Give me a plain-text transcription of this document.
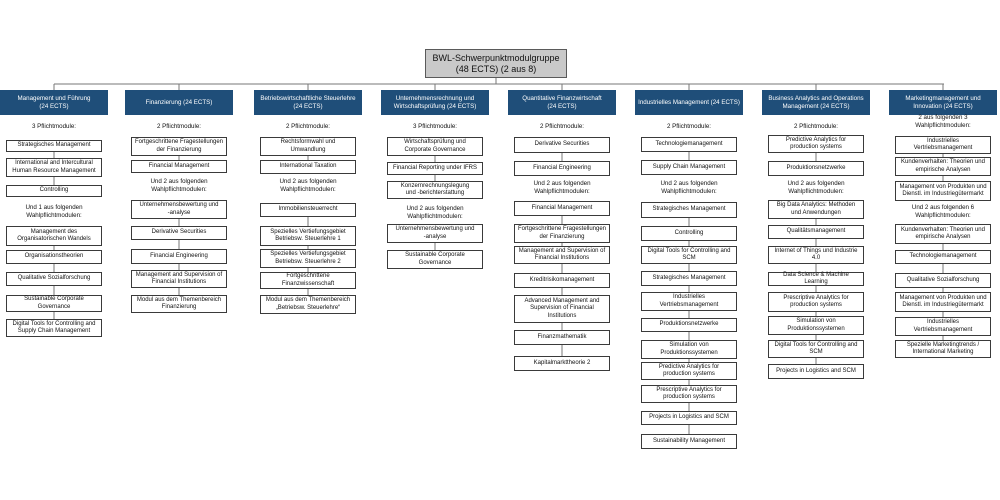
BWL-Schwerpunktmodulgruppe
(48 ECTS) (2 aus 8)
Management und Führung
(24 ECTS)
3 Pflichtmodule:
Strategisches Management
International and Intercultural
Human Resource Management
Controlling
Und 1 aus folgenden
Wahlpflichtmodulen:
Management des
Organisatorischen Wandels
Organisationstheorien
Qualitative Sozialforschung
Sustainable Corporate
Governance
Digital Tools for Controlling and
Supply Chain Management
Finanzierung (24 ECTS)
2 Pflichtmodule:
Fortgeschrittene Fragestellungen
der Finanzierung
Financial Management
Und 2 aus folgenden
Wahlpflichtmodulen:
Unternehmensbewertung und
-analyse
Derivative Securities
Financial Engineering
Management and Supervision of
Financial Institutions
Modul aus dem Themenbereich
Finanzierung
Betriebswirtschaftliche Steuerlehre
(24 ECTS)
2 Pflichtmodule:
Rechtsformwahl und
Umwandlung
International Taxation
Und 2 aus folgenden
Wahlpflichtmodulen:
Immobiliensteuerrecht
Spezielles Vertiefungsgebiet
Betriebsw. Steuerlehre 1
Spezielles Vertiefungsgebiet
Betriebsw. Steuerlehre 2
Fortgeschrittene
Finanzwissenschaft
Modul aus dem Themenbereich
„Betriebsw. Steuerlehre“
Unternehmensrechnung und
Wirtschaftsprüfung (24 ECTS)
3 Pflichtmodule:
Wirtschaftsprüfung und
Corporate Governance
Financial Reporting under IFRS
Konzernrechnungslegung
und -berichterstattung
Und 2 aus folgenden
Wahlpflichtmodulen:
Unternehmensbewertung und
-analyse
Sustainable Corporate
Governance
Quantitative Finanzwirtschaft
(24 ECTS)
2 Pflichtmodule:
Derivative Securities
Financial Engineering
Und 2 aus folgenden
Wahlpflichtmodulen:
Financial Management
Fortgeschrittene Fragestellungen
der Finanzierung
Management and Supervision of
Financial Institutions
Kreditrisikomanagement
Advanced Management and
Supervision of Financial
Institutions
Finanzmathematik
Kapitalmarkttheorie 2
Industrielles Management (24 ECTS)
2 Pflichtmodule:
Technologiemanagement
Supply Chain Management
Und 2 aus folgenden
Wahlpflichtmodulen:
Strategisches Management
Controlling
Digital Tools for Controlling and
SCM
Strategisches Management
Industrielles
Vertriebsmanagement
Produktionsnetzwerke
Simulation von
Produktionssystemen
Predictive Analytics for
production systems
Prescriptive Analytics for
production systems
Projects in Logistics and SCM
Sustainability Management
Business Analytics and Operations
Management (24 ECTS)
2 Pflichtmodule:
Predictive Analytics for
production systems
Produktionsnetzwerke
Und 2 aus folgenden
Wahlpflichtmodulen:
Big Data Analytics: Methoden
und Anwendungen
Qualitätsmanagement
Internet of Things und Industrie
4.0
Data Science & Machine Learning
Prescriptive Analytics for
production systems
Simulation von
Produktionssystemen
Digital Tools for Controlling and
SCM
Projects in Logistics and SCM
Marketingmanagement und
Innovation (24 ECTS)
2 aus folgenden 3
Wahlpflichtmodulen:
Industrielles
Vertriebsmanagement
Kundenverhalten: Theorien und
empirische Analysen
Management von Produkten und
Dienstl. im Industriegütermarkt
Und 2 aus folgenden 6
Wahlpflichtmodulen:
Kundenverhalten: Theorien und
empirische Analysen
Technologiemanagement
Qualitative Sozialforschung
Management von Produkten und
Dienstl. im Industriegütermarkt
Industrielles
Vertriebsmanagement
Spezielle Marketingtrends /
International Marketing
